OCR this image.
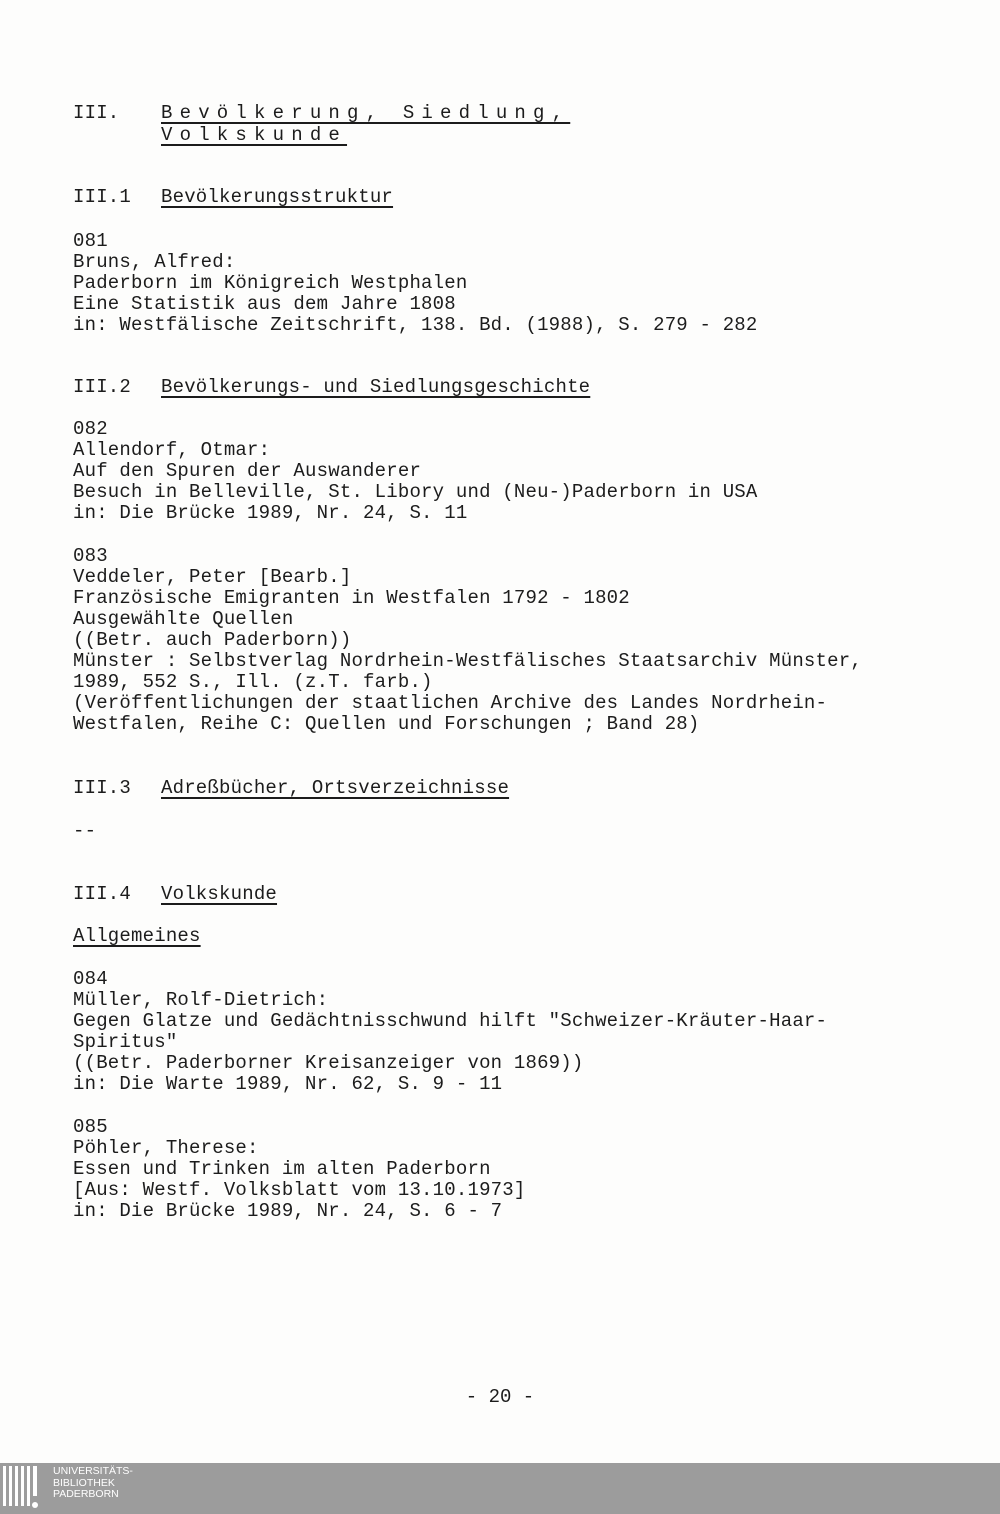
III. Bevölkerung, Siedlung,
Volkskunde
III.1 Bevölkerungsstruktur
081
Bruns, Alfred:
Paderborn im Königreich Westphalen
Eine Statistik aus dem Jahre 1808
in: Westfälische Zeitschrift, 138. Bd. (1988), S. 279 - 282
III.2 Bevölkerungs- und Siedlungsgeschichte
082
Allendorf, Otmar:
Auf den Spuren der Auswanderer
Besuch in Belleville, St. Libory und (Neu-)Paderborn in USA
in: Die Brücke 1989, Nr. 24, S. 11
083
Veddeler, Peter [Bearb.]
Französische Emigranten in Westfalen 1792 - 1802
Ausgewählte Quellen
((Betr. auch Paderborn))
Münster : Selbstverlag Nordrhein-Westfälisches Staatsarchiv Münster,
1989, 552 S., Ill. (z.T. farb.)
(Veröffentlichungen der staatlichen Archive des Landes Nordrhein-
Westfalen, Reihe C: Quellen und Forschungen ; Band 28)
III.3 Adreßbücher, Ortsverzeichnisse
--
III.4 Volkskunde
Allgemeines
084
Müller, Rolf-Dietrich:
Gegen Glatze und Gedächtnisschwund hilft "Schweizer-Kräuter-Haar-
Spiritus"
((Betr. Paderborner Kreisanzeiger von 1869))
in: Die Warte 1989, Nr. 62, S. 9 - 11
085
Pöhler, Therese:
Essen und Trinken im alten Paderborn
[Aus: Westf. Volksblatt vom 13.10.1973]
in: Die Brücke 1989, Nr. 24, S. 6 - 7
- 20 -
UNIVERSITÄTS-
BIBLIOTHEK
PADERBORN
